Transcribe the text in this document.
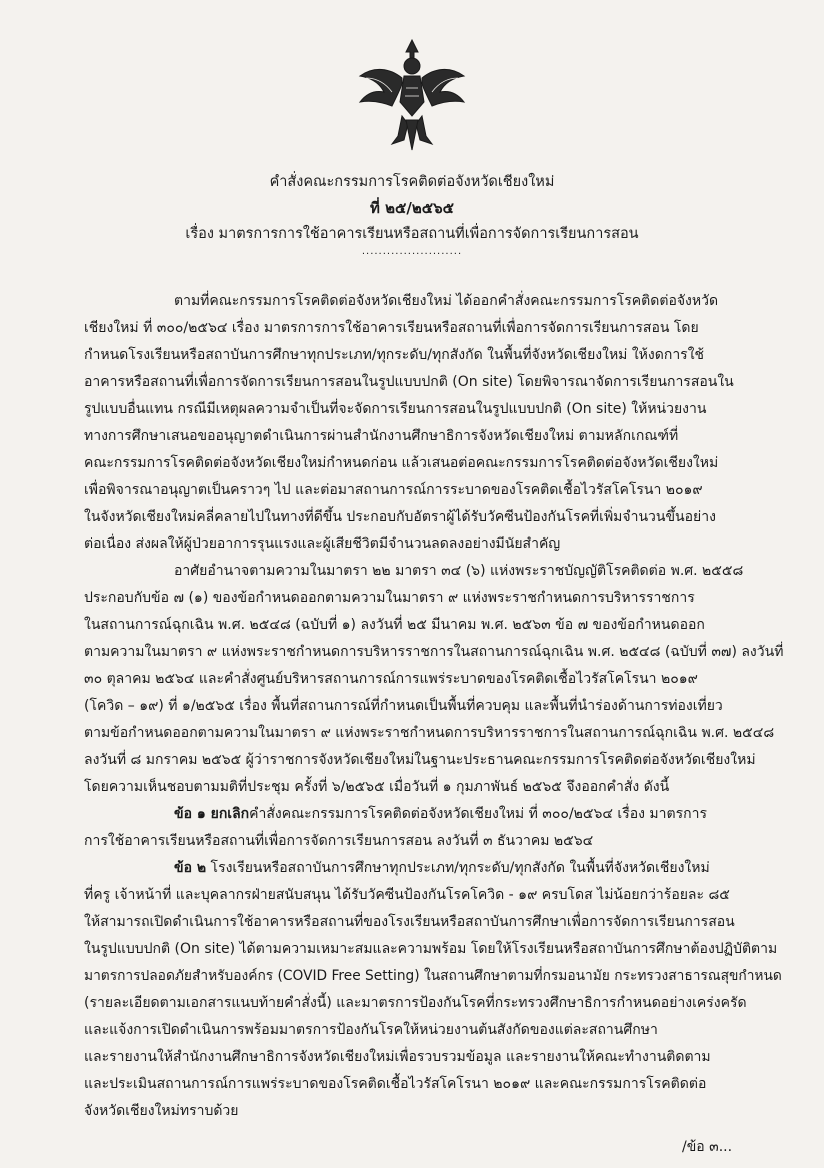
คำสั่งคณะกรรมการโรคติดต่อจังหวัดเชียงใหม่
ที่ ๒๕/๒๕๖๕
เรื่อง มาตรการการใช้อาคารเรียนหรือสถานที่เพื่อการจัดการเรียนการสอน
........................
ตามที่คณะกรรมการโรคติดต่อจังหวัดเชียงใหม่ ได้ออกคำสั่งคณะกรรมการโรคติดต่อจังหวัด
เชียงใหม่ ที่ ๓๐๐/๒๕๖๔ เรื่อง มาตรการการใช้อาคารเรียนหรือสถานที่เพื่อการจัดการเรียนการสอน โดย
กำหนดโรงเรียนหรือสถาบันการศึกษาทุกประเภท/ทุกระดับ/ทุกสังกัด ในพื้นที่จังหวัดเชียงใหม่ ให้งดการใช้
อาคารหรือสถานที่เพื่อการจัดการเรียนการสอนในรูปแบบปกติ (On site) โดยพิจารณาจัดการเรียนการสอนใน
รูปแบบอื่นแทน กรณีมีเหตุผลความจำเป็นที่จะจัดการเรียนการสอนในรูปแบบปกติ (On site) ให้หน่วยงาน
ทางการศึกษาเสนอขออนุญาตดำเนินการผ่านสำนักงานศึกษาธิการจังหวัดเชียงใหม่ ตามหลักเกณฑ์ที่
คณะกรรมการโรคติดต่อจังหวัดเชียงใหม่กำหนดก่อน แล้วเสนอต่อคณะกรรมการโรคติดต่อจังหวัดเชียงใหม่
เพื่อพิจารณาอนุญาตเป็นคราวๆ ไป และต่อมาสถานการณ์การระบาดของโรคติดเชื้อไวรัสโคโรนา ๒๐๑๙
ในจังหวัดเชียงใหม่คลี่คลายไปในทางที่ดีขึ้น ประกอบกับอัตราผู้ได้รับวัคซีนป้องกันโรคที่เพิ่มจำนวนขึ้นอย่าง
ต่อเนื่อง ส่งผลให้ผู้ป่วยอาการรุนแรงและผู้เสียชีวิตมีจำนวนลดลงอย่างมีนัยสำคัญ
อาศัยอำนาจตามความในมาตรา ๒๒ มาตรา ๓๔ (๖) แห่งพระราชบัญญัติโรคติดต่อ พ.ศ. ๒๕๕๘
ประกอบกับข้อ ๗ (๑) ของข้อกำหนดออกตามความในมาตรา ๙ แห่งพระราชกำหนดการบริหารราชการ
ในสถานการณ์ฉุกเฉิน พ.ศ. ๒๕๔๘ (ฉบับที่ ๑) ลงวันที่ ๒๕ มีนาคม พ.ศ. ๒๕๖๓ ข้อ ๗ ของข้อกำหนดออก
ตามความในมาตรา ๙ แห่งพระราชกำหนดการบริหารราชการในสถานการณ์ฉุกเฉิน พ.ศ. ๒๕๔๘ (ฉบับที่ ๓๗) ลงวันที่
๓๐ ตุลาคม ๒๕๖๔ และคำสั่งศูนย์บริหารสถานการณ์การแพร่ระบาดของโรคติดเชื้อไวรัสโคโรนา ๒๐๑๙
(โควิด – ๑๙) ที่ ๑/๒๕๖๕ เรื่อง พื้นที่สถานการณ์ที่กำหนดเป็นพื้นที่ควบคุม และพื้นที่นำร่องด้านการท่องเที่ยว
ตามข้อกำหนดออกตามความในมาตรา ๙ แห่งพระราชกำหนดการบริหารราชการในสถานการณ์ฉุกเฉิน พ.ศ. ๒๕๔๘
ลงวันที่ ๘ มกราคม ๒๕๖๕ ผู้ว่าราชการจังหวัดเชียงใหม่ในฐานะประธานคณะกรรมการโรคติดต่อจังหวัดเชียงใหม่
โดยความเห็นชอบตามมติที่ประชุม ครั้งที่ ๖/๒๕๖๕ เมื่อวันที่ ๑ กุมภาพันธ์ ๒๕๖๕ จึงออกคำสั่ง ดังนี้
ข้อ ๑ ยกเลิกคำสั่งคณะกรรมการโรคติดต่อจังหวัดเชียงใหม่ ที่ ๓๐๐/๒๕๖๔ เรื่อง มาตรการ
การใช้อาคารเรียนหรือสถานที่เพื่อการจัดการเรียนการสอน ลงวันที่ ๓ ธันวาคม ๒๕๖๔
ข้อ ๒ โรงเรียนหรือสถาบันการศึกษาทุกประเภท/ทุกระดับ/ทุกสังกัด ในพื้นที่จังหวัดเชียงใหม่
ที่ครู เจ้าหน้าที่ และบุคลากรฝ่ายสนับสนุน ได้รับวัคซีนป้องกันโรคโควิด - ๑๙ ครบโดส ไม่น้อยกว่าร้อยละ ๘๕
ให้สามารถเปิดดำเนินการใช้อาคารหรือสถานที่ของโรงเรียนหรือสถาบันการศึกษาเพื่อการจัดการเรียนการสอน
ในรูปแบบปกติ (On site) ได้ตามความเหมาะสมและความพร้อม โดยให้โรงเรียนหรือสถาบันการศึกษาต้องปฏิบัติตาม
มาตรการปลอดภัยสำหรับองค์กร (COVID Free Setting) ในสถานศึกษาตามที่กรมอนามัย กระทรวงสาธารณสุขกำหนด
(รายละเอียดตามเอกสารแนบท้ายคำสั่งนี้) และมาตรการป้องกันโรคที่กระทรวงศึกษาธิการกำหนดอย่างเคร่งครัด
และแจ้งการเปิดดำเนินการพร้อมมาตรการป้องกันโรคให้หน่วยงานต้นสังกัดของแต่ละสถานศึกษา
และรายงานให้สำนักงานศึกษาธิการจังหวัดเชียงใหม่เพื่อรวบรวมข้อมูล และรายงานให้คณะทำงานติดตาม
และประเมินสถานการณ์การแพร่ระบาดของโรคติดเชื้อไวรัสโคโรนา ๒๐๑๙ และคณะกรรมการโรคติดต่อ
จังหวัดเชียงใหม่ทราบด้วย
/ข้อ ๓...
